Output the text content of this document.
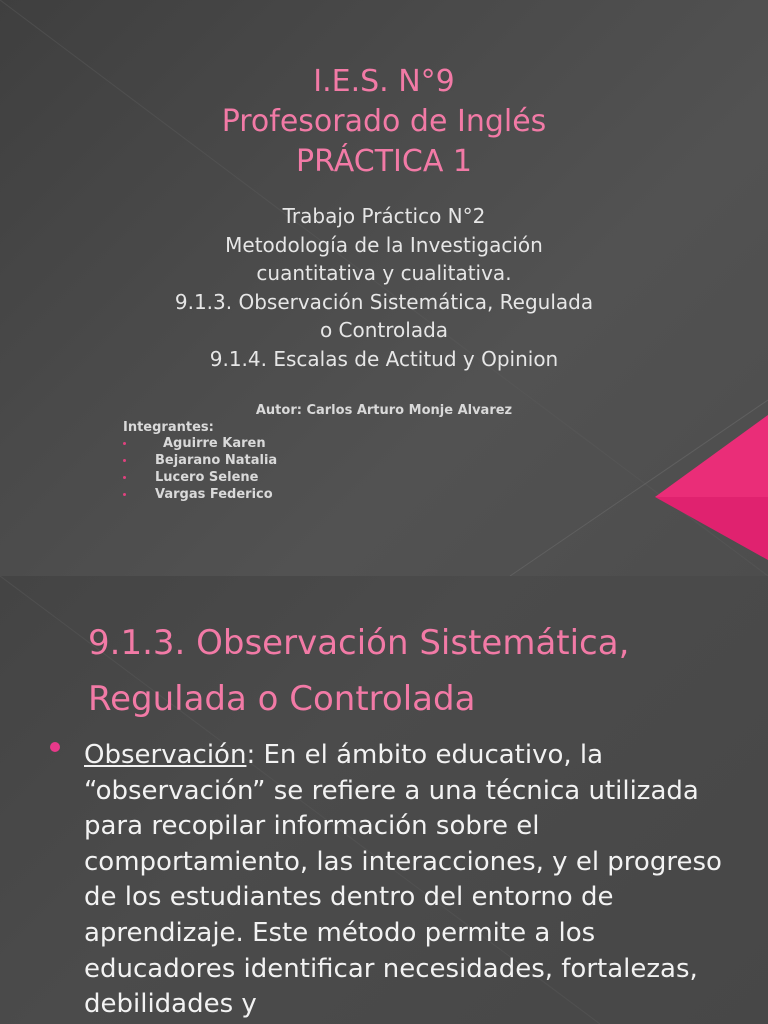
I.E.S. N°9
Profesorado de Inglés
PRÁCTICA 1
Trabajo Práctico N°2
Metodología de la Investigación
cuantitativa y cualitativa.
9.1.3. Observación Sistemática, Regulada
o Controlada
9.1.4. Escalas de Actitud y Opinion
Autor: Carlos Arturo Monje Alvarez
Integrantes:
Aguirre Karen
Bejarano Natalia
Lucero Selene
Vargas Federico
9.1.3. Observación Sistemática,
Regulada o Controlada
Observación: En el ámbito educativo, la “observación” se refiere a una técnica utilizada para recopilar información sobre el comportamiento, las interacciones, y el progreso de los estudiantes dentro del entorno de aprendizaje. Este método permite a los educadores identificar necesidades, fortalezas, debilidades y
